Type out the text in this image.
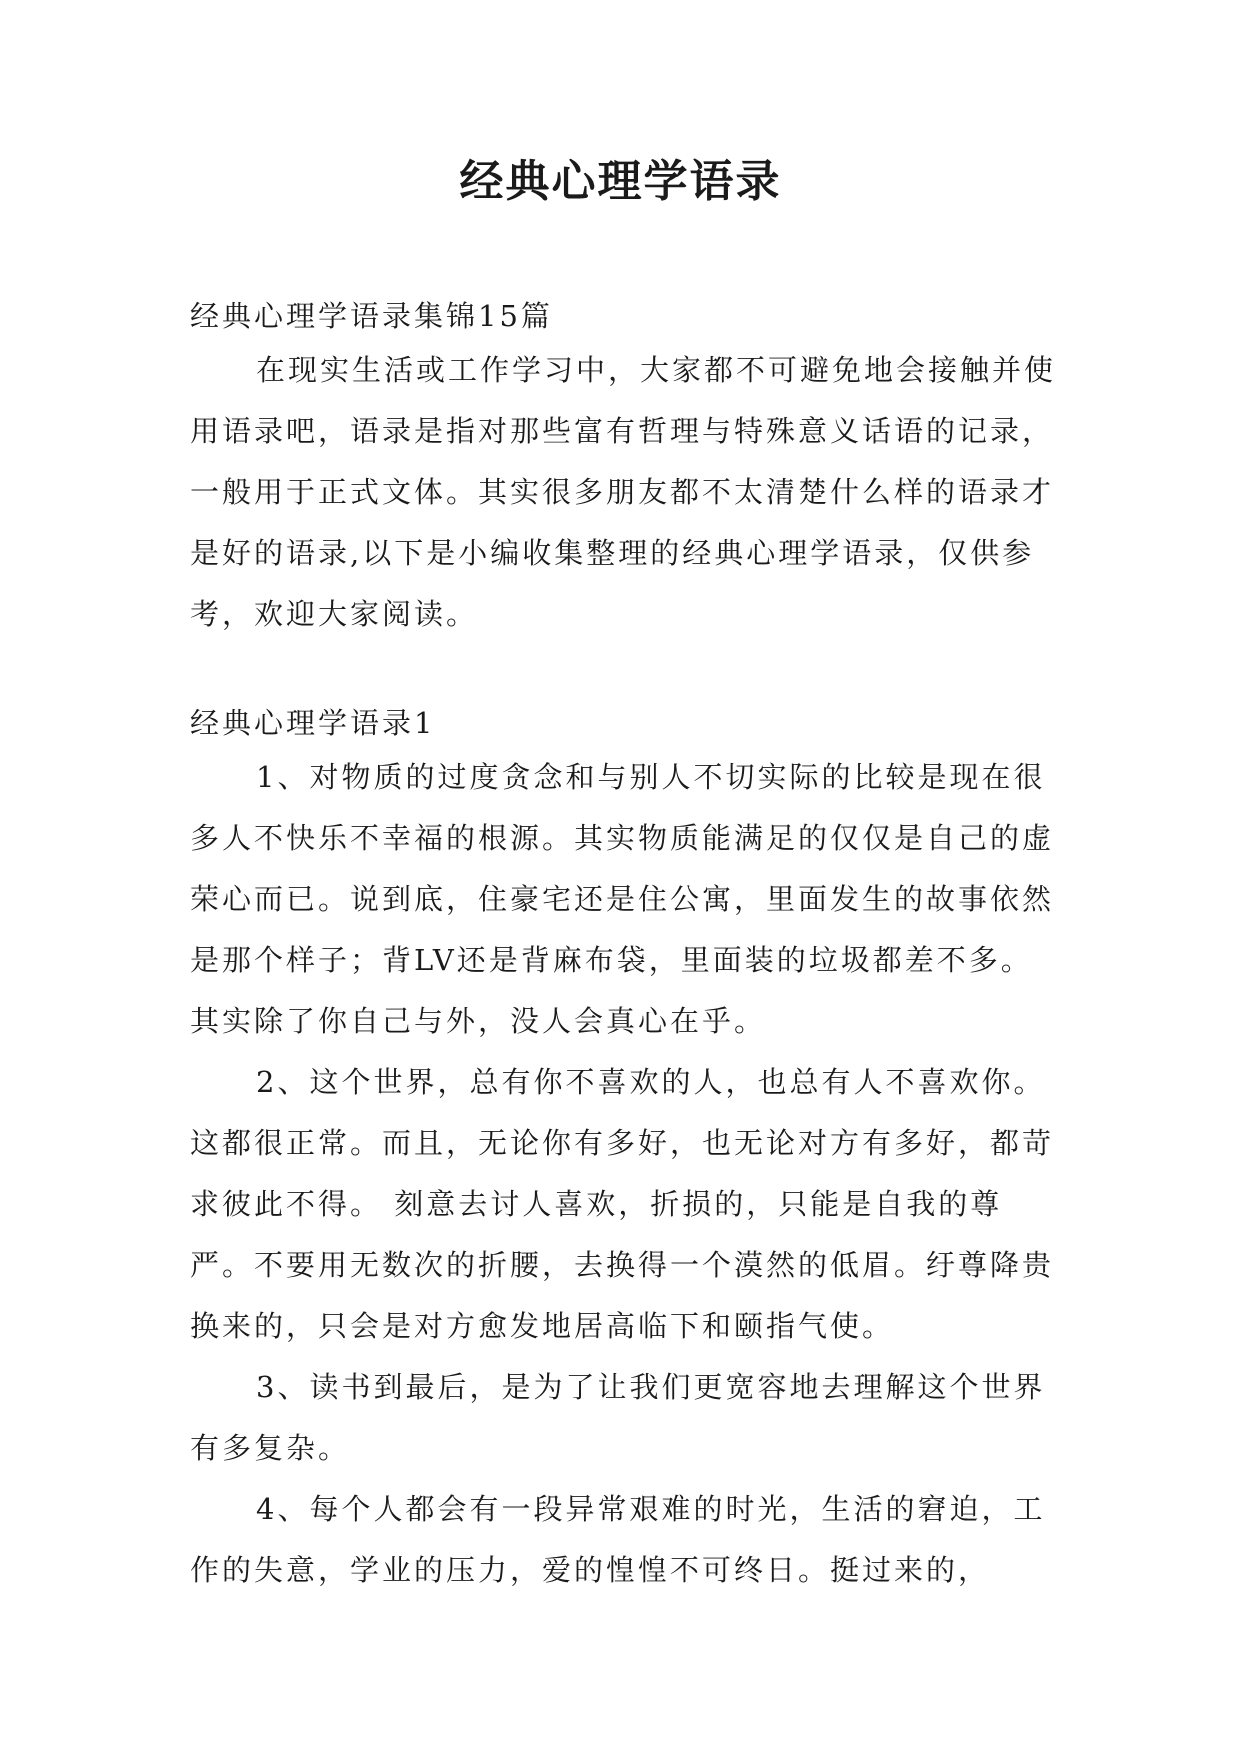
经典心理学语录

经典心理学语录集锦15篇

在现实生活或工作学习中，大家都不可避免地会接触并使用语录吧，语录是指对那些富有哲理与特殊意义话语的记录，一般用于正式文体。其实很多朋友都不太清楚什么样的语录才是好的语录,以下是小编收集整理的经典心理学语录，仅供参考，欢迎大家阅读。

经典心理学语录1

1、对物质的过度贪念和与别人不切实际的比较是现在很多人不快乐不幸福的根源。其实物质能满足的仅仅是自己的虚荣心而已。说到底，住豪宅还是住公寓，里面发生的故事依然是那个样子；背LV还是背麻布袋，里面装的垃圾都差不多。其实除了你自己与外，没人会真心在乎。

2、这个世界，总有你不喜欢的人，也总有人不喜欢你。这都很正常。而且，无论你有多好，也无论对方有多好，都苛求彼此不得。 刻意去讨人喜欢，折损的，只能是自我的尊严。不要用无数次的折腰，去换得一个漠然的低眉。纡尊降贵换来的，只会是对方愈发地居高临下和颐指气使。

3、读书到最后，是为了让我们更宽容地去理解这个世界有多复杂。

4、每个人都会有一段异常艰难的时光，生活的窘迫，工作的失意，学业的压力，爱的惶惶不可终日。挺过来的，
